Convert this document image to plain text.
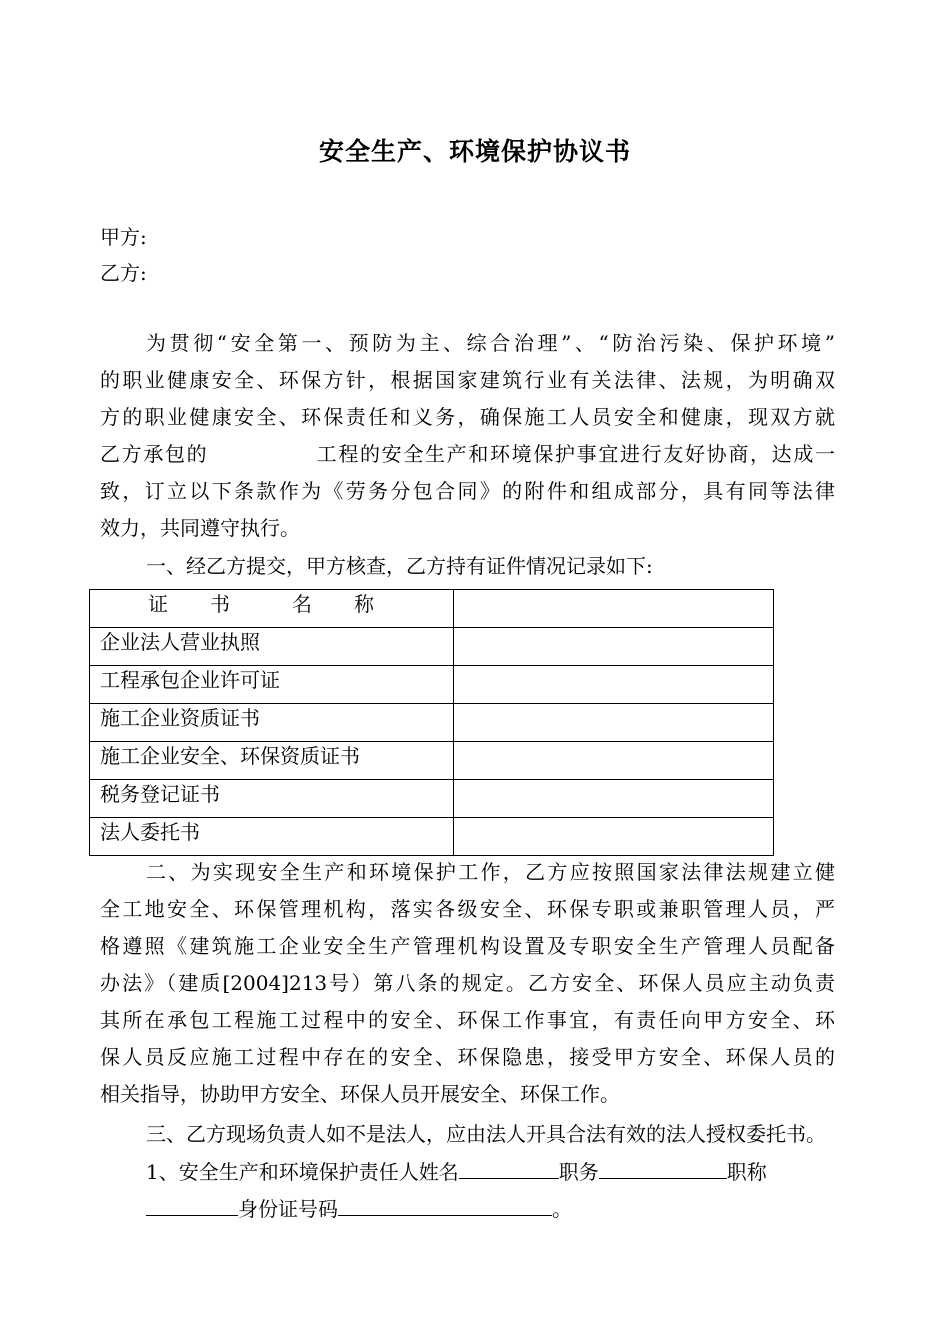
安全生产、环境保护协议书
甲方:
乙方:

为贯彻“安全第一、预防为主、综合治理”、“防治污染、保护环境”

的职业健康安全、环保方针，根据国家建筑行业有关法律、法规，为明确双

方的职业健康安全、环保责任和义务，确保施工人员安全和健康，现双方就

乙方承包的　　　　　工程的安全生产和环境保护事宜进行友好协商，达成一

致，订立以下条款作为《劳务分包合同》的附件和组成部分，具有同等法律

效力，共同遵守执行。

一、经乙方提交，甲方核查，乙方持有证件情况记录如下:
证 书 名 称	
企业法人营业执照	
工程承包企业许可证	
施工企业资质证书	
施工企业安全、环保资质证书	
税务登记证书	
法人委托书	

二、为实现安全生产和环境保护工作，乙方应按照国家法律法规建立健

全工地安全、环保管理机构，落实各级安全、环保专职或兼职管理人员，严

格遵照《建筑施工企业安全生产管理机构设置及专职安全生产管理人员配备

办法》（建质[2004]213号）第八条的规定。乙方安全、环保人员应主动负责

其所在承包工程施工过程中的安全、环保工作事宜，有责任向甲方安全、环

保人员反应施工过程中存在的安全、环保隐患，接受甲方安全、环保人员的

相关指导，协助甲方安全、环保人员开展安全、环保工作。

三、乙方现场负责人如不是法人，应由法人开具合法有效的法人授权委托书。
1、安全生产和环境保护责任人姓名	职务	职称
身份证号码	。
